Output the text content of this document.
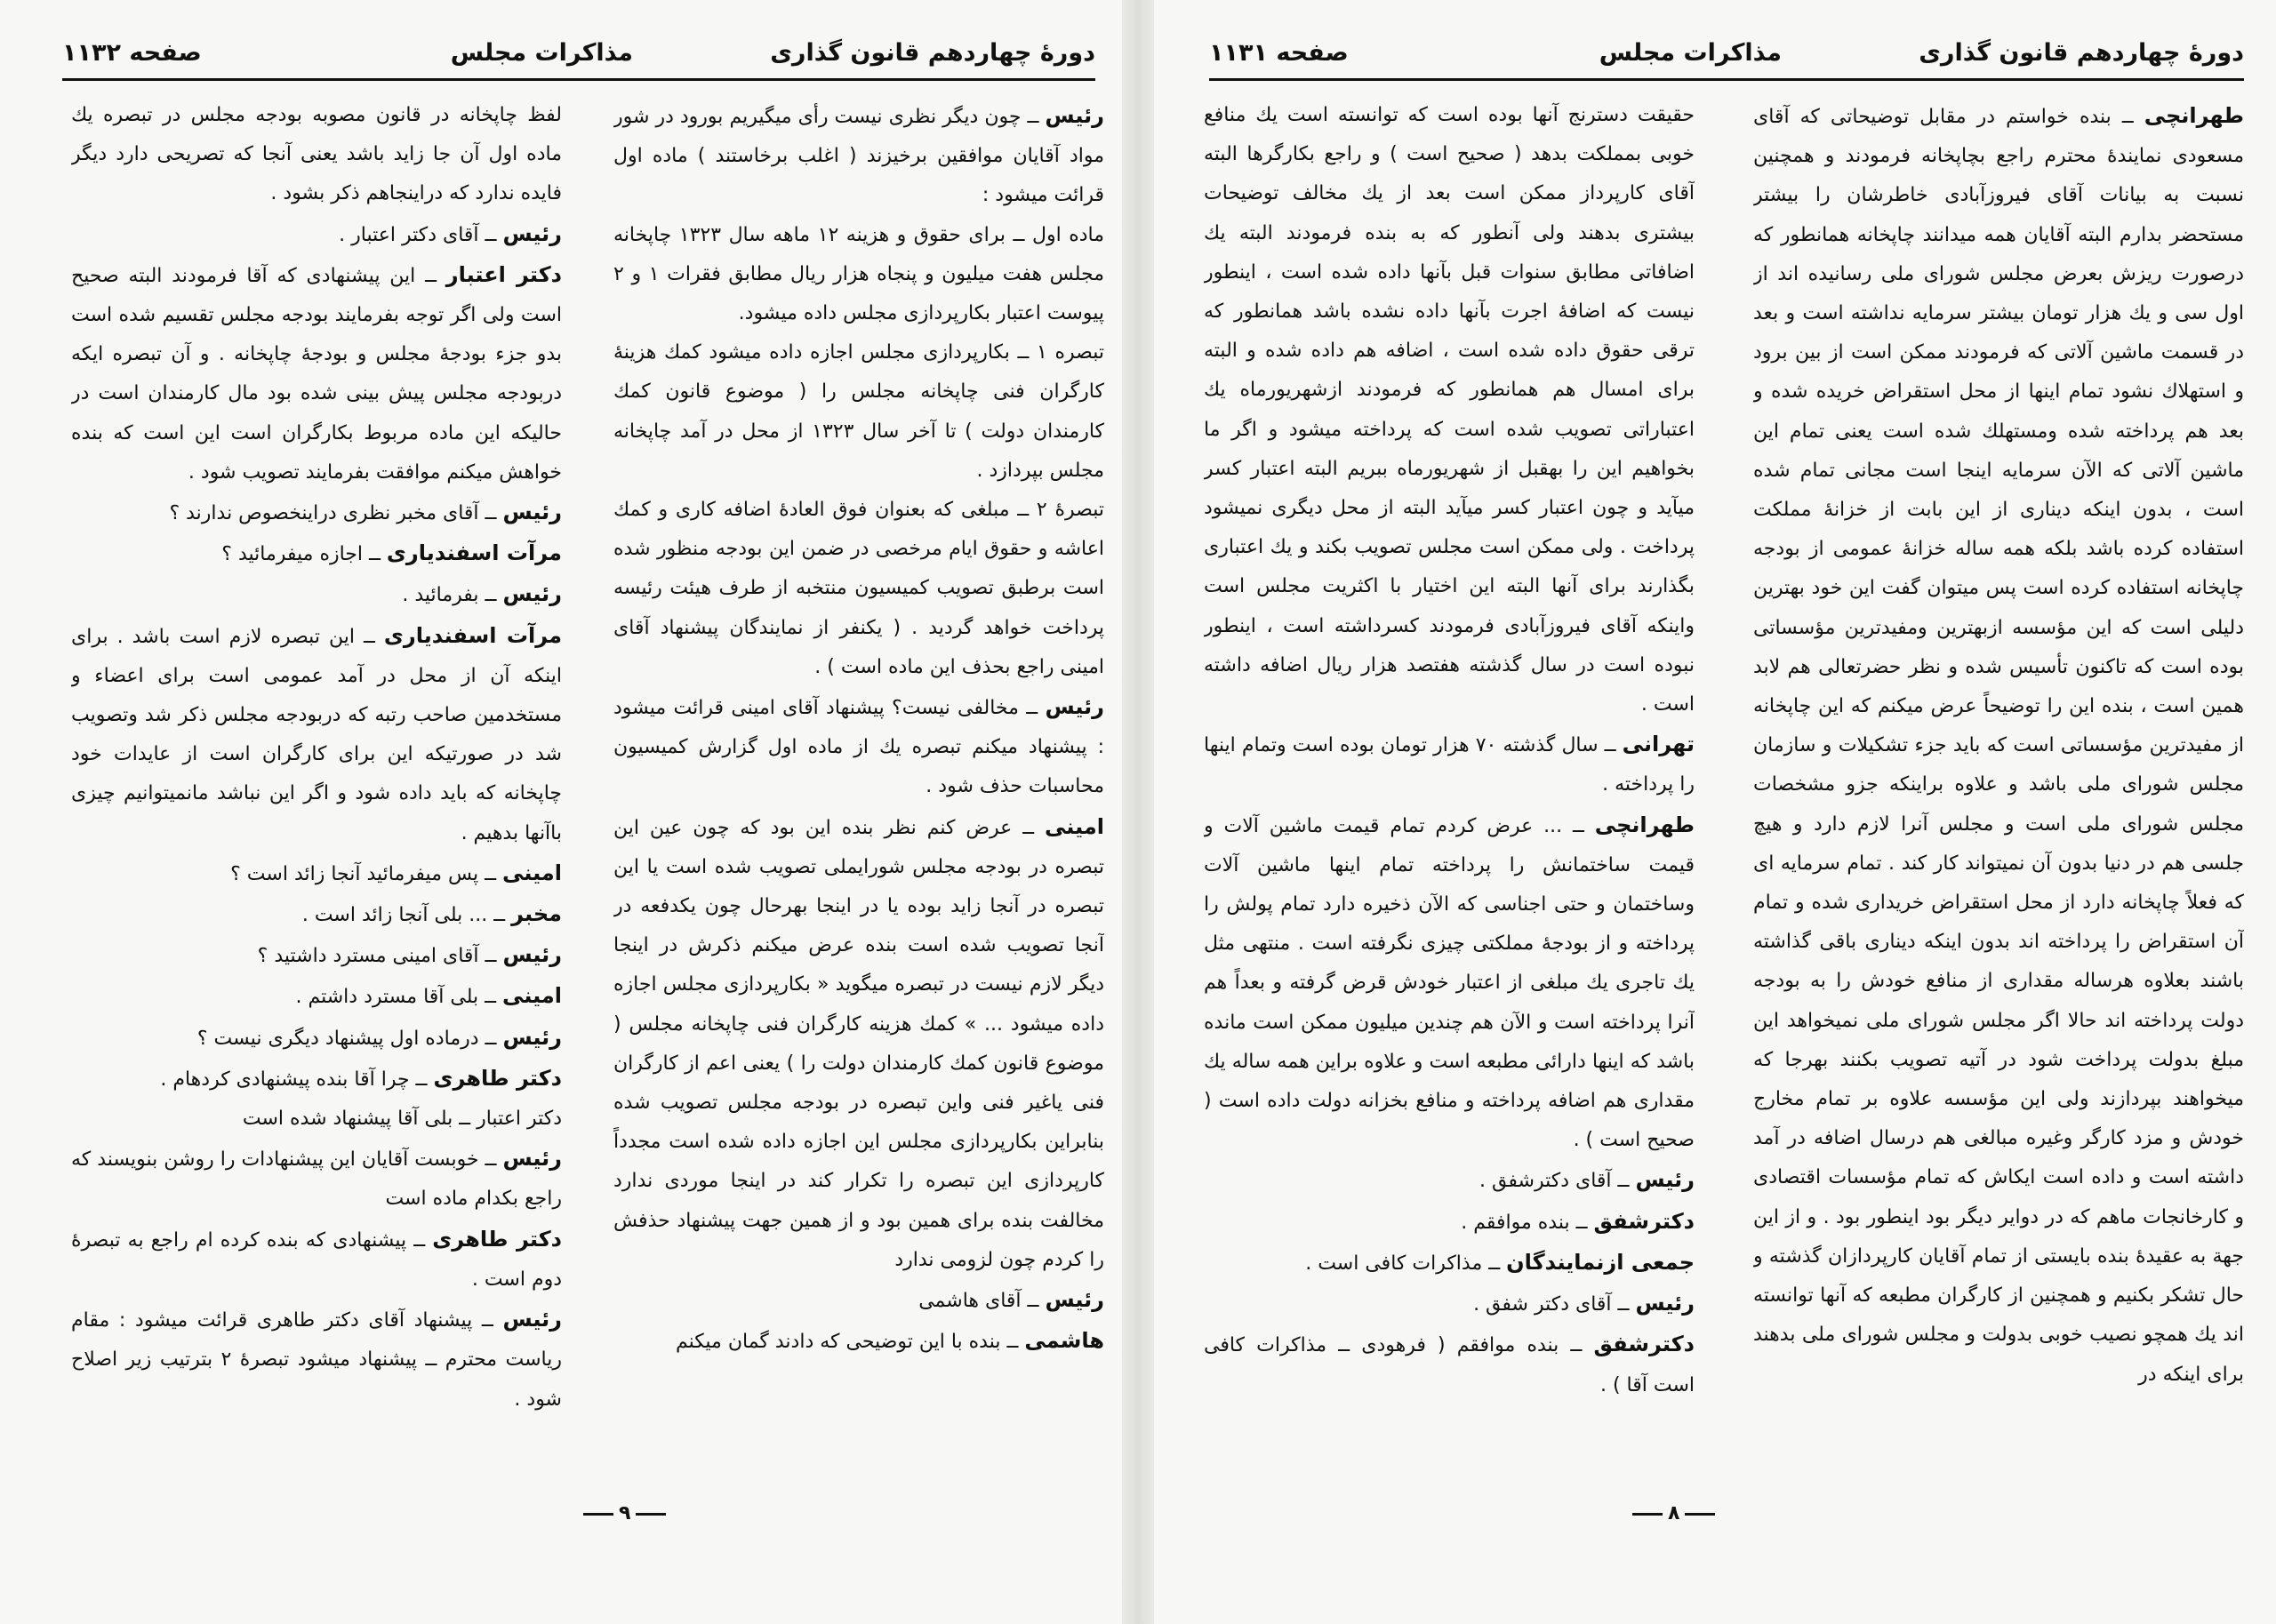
دورهٔ چهاردهم قانون گذاری
مذاکرات مجلس
صفحه ۱۱۳۲

رئیس ــ چون دیگر نظری نیست رأی میگیریم بورود در شور مواد آقایان موافقین برخیزند ( اغلب برخاستند ) ماده اول قرائت میشود :

ماده اول ــ برای حقوق و هزینه ۱۲ ماهه سال ۱۳۲۳ چاپخانه مجلس هفت میلیون و پنجاه هزار ریال مطابق فقرات ۱ و ۲ پیوست اعتبار بکارپردازی مجلس داده میشود.

تبصره ۱ ــ بکارپردازی مجلس اجازه داده میشود کمك هزینهٔ کارگران فنی چاپخانه مجلس را ( موضوع قانون کمك کارمندان دولت ) تا آخر سال ۱۳۲۳ از محل در آمد چاپخانه مجلس بپردازد .

تبصرهٔ ۲ ــ مبلغی که بعنوان فوق العادهٔ اضافه کاری و کمك اعاشه و حقوق ایام مرخصی در ضمن این بودجه منظور شده است برطبق تصویب کمیسیون منتخبه از طرف هیئت رئیسه پرداخت خواهد گردید . ( یکنفر از نمایندگان پیشنهاد آقای امینی راجع بحذف این ماده است ) .

رئیس ــ مخالفی نیست؟ پیشنهاد آقای امینی قرائت میشود : پیشنهاد میکنم تبصره یك از ماده اول گزارش کمیسیون محاسبات حذف شود .

امینی ــ عرض کنم نظر بنده این بود که چون عین این تبصره در بودجه مجلس شورایملی تصویب شده است یا این تبصره در آنجا زاید بوده یا در اینجا بهرحال چون یکدفعه در آنجا تصویب شده است بنده عرض میکنم ذکرش در اینجا دیگر لازم نیست در تبصره میگوید « بکارپردازی مجلس اجازه داده میشود ... » کمك هزینه کارگران فنی چاپخانه مجلس ( موضوع قانون کمك کارمندان دولت را ) یعنی اعم از کارگران فنی یاغیر فنی واین تبصره در بودجه مجلس تصویب شده بنابراین بکارپردازی مجلس این اجازه داده شده است مجدداً کارپردازی این تبصره را تکرار کند در اینجا موردی ندارد مخالفت بنده برای همین بود و از همین جهت پیشنهاد حذفش را کردم چون لزومی ندارد

رئیس ــ آقای هاشمی

هاشمی ــ بنده با این توضیحی که دادند گمان میکنم

لفظ چاپخانه در قانون مصوبه بودجه مجلس در تبصره یك ماده اول آن جا زاید باشد یعنی آنجا که تصریحی دارد دیگر فایده ندارد که دراینجاهم ذکر بشود .

رئیس ــ آقای دکتر اعتبار .

دکتر اعتبار ــ این پیشنهادی که آقا فرمودند البته صحیح است ولی اگر توجه بفرمایند بودجه مجلس تقسیم شده است بدو جزء بودجهٔ مجلس و بودجهٔ چاپخانه . و آن تبصره ایکه دربودجه مجلس پیش بینی شده بود مال کارمندان است در حالیکه این ماده مربوط بکارگران است این است که بنده خواهش میکنم موافقت بفرمایند تصویب شود .

رئیس ــ آقای مخبر نظری دراینخصوص ندارند ؟

مرآت اسفندیاری ــ اجازه میفرمائید ؟

رئیس ــ بفرمائید .

مرآت اسفندیاری ــ این تبصره لازم است باشد . برای اینکه آن از محل در آمد عمومی است برای اعضاء و مستخدمین صاحب رتبه که دربودجه مجلس ذکر شد وتصویب شد در صورتیکه این برای کارگران است از عایدات خود چاپخانه که باید داده شود و اگر این نباشد مانمیتوانیم چیزی باآنها بدهیم .

امینی ــ پس میفرمائید آنجا زائد است ؟

مخبر ــ ... بلی آنجا زائد است .

رئیس ــ آقای امینی مسترد داشتید ؟

امینی ــ بلی آقا مسترد داشتم .

رئیس ــ درماده اول پیشنهاد دیگری نیست ؟

دکتر طاهری ــ چرا آقا بنده پیشنهادی کردهام .

دکتر اعتبار ــ بلی آقا پیشنهاد شده است

رئیس ــ خوبست آقایان این پیشنهادات را روشن بنویسند که راجع بکدام ماده است

دکتر طاهری ــ پیشنهادی که بنده کرده ام راجع به تبصرهٔ دوم است .

رئیس ــ پیشنهاد آقای دکتر طاهری قرائت میشود : مقام ریاست محترم ــ پیشنهاد میشود تبصرهٔ ۲ بترتیب زیر اصلاح شود .

۹
دورهٔ چهاردهم قانون گذاری
مذاکرات مجلس
صفحه ۱۱۳۱

طهرانچی ــ بنده خواستم در مقابل توضیحاتی که آقای مسعودی نمایندهٔ محترم راجع بچاپخانه فرمودند و همچنین نسبت به بیانات آقای فیروزآبادی خاطرشان را بیشتر مستحضر بدارم البته آقایان همه میدانند چاپخانه همانطور که درصورت ریزش بعرض مجلس شورای ملی رسانیده اند از اول سی و یك هزار تومان بیشتر سرمایه نداشته است و بعد در قسمت ماشین آلاتی که فرمودند ممکن است از بین برود و استهلاك نشود تمام اینها از محل استقراض خریده شده و بعد هم پرداخته شده ومستهلك شده است یعنی تمام این ماشین آلاتی که الآن سرمایه اینجا است مجانی تمام شده است ، بدون اینکه دیناری از این بابت از خزانهٔ مملکت استفاده کرده باشد بلکه همه ساله خزانهٔ عمومی از بودجه چاپخانه استفاده کرده است پس میتوان گفت این خود بهترین دلیلی است که این مؤسسه ازبهترین ومفیدترین مؤسساتی بوده است که تاکنون تأسیس شده و نظر حضرتعالی هم لابد همین است ، بنده این را توضیحاً عرض میکنم که این چاپخانه از مفیدترین مؤسساتی است که باید جزء تشکیلات و سازمان مجلس شورای ملی باشد و علاوه براینکه جزو مشخصات مجلس شورای ملی است و مجلس آنرا لازم دارد و هیچ جلسی هم در دنیا بدون آن نمیتواند کار کند . تمام سرمایه ای که فعلاً چاپخانه دارد از محل استقراض خریداری شده و تمام آن استقراض را پرداخته اند بدون اینکه دیناری باقی گذاشته باشند بعلاوه هرساله مقداری از منافع خودش را به بودجه دولت پرداخته اند حالا اگر مجلس شورای ملی نمیخواهد این مبلغ بدولت پرداخت شود در آتیه تصویب بکنند بهرجا که میخواهند بپردازند ولی این مؤسسه علاوه بر تمام مخارج خودش و مزد کارگر وغیره مبالغی هم درسال اضافه در آمد داشته است و داده است ایکاش که تمام مؤسسات اقتصادی و کارخانجات ماهم که در دوایر دیگر بود اینطور بود . و از این جهة به عقیدهٔ بنده بایستی از تمام آقایان کارپردازان گذشته و حال تشکر بکنیم و همچنین از کارگران مطبعه که آنها توانسته اند یك همچو نصیب خوبی بدولت و مجلس شورای ملی بدهند برای اینکه در

حقیقت دسترنج آنها بوده است که توانسته است یك منافع خوبی بمملکت بدهد ( صحیح است ) و راجع بکارگرها البته آقای کارپرداز ممکن است بعد از یك مخالف توضیحات بیشتری بدهند ولی آنطور که به بنده فرمودند البته یك اضافاتی مطابق سنوات قبل بآنها داده شده است ، اینطور نیست که اضافهٔ اجرت بآنها داده نشده باشد همانطور که ترقی حقوق داده شده است ، اضافه هم داده شده و البته برای امسال هم همانطور که فرمودند ازشهریورماه یك اعتباراتی تصویب شده است که پرداخته میشود و اگر ما بخواهیم این را بهقبل از شهریورماه ببریم البته اعتبار کسر میآید و چون اعتبار کسر میآید البته از محل دیگری نمیشود پرداخت . ولی ممکن است مجلس تصویب بکند و یك اعتباری بگذارند برای آنها البته این اختیار با اکثریت مجلس است واینکه آقای فیروزآبادی فرمودند کسرداشته است ، اینطور نبوده است در سال گذشته هفتصد هزار ریال اضافه داشته است .

تهرانی ــ سال گذشته ۷۰ هزار تومان بوده است وتمام اینها را پرداخته .

طهرانچی ــ ... عرض کردم تمام قیمت ماشین آلات و قیمت ساختمانش را پرداخته تمام اینها ماشین آلات وساختمان و حتی اجناسی که الآن ذخیره دارد تمام پولش را پرداخته و از بودجهٔ مملکتی چیزی نگرفته است . منتهی مثل یك تاجری یك مبلغی از اعتبار خودش قرض گرفته و بعداً هم آنرا پرداخته است و الآن هم چندین میلیون ممکن است مانده باشد که اینها دارائی مطبعه است و علاوه براین همه ساله یك مقداری هم اضافه پرداخته و منافع بخزانه دولت داده است ( صحیح است ) .

رئیس ــ آقای دکترشفق .

دکترشفق ــ بنده موافقم .

جمعی ازنمایندگان ــ مذاکرات کافی است .

رئیس ــ آقای دکتر شفق .

دکترشفق ــ بنده موافقم ( فرهودی ــ مذاکرات کافی است آقا ) .

۸
